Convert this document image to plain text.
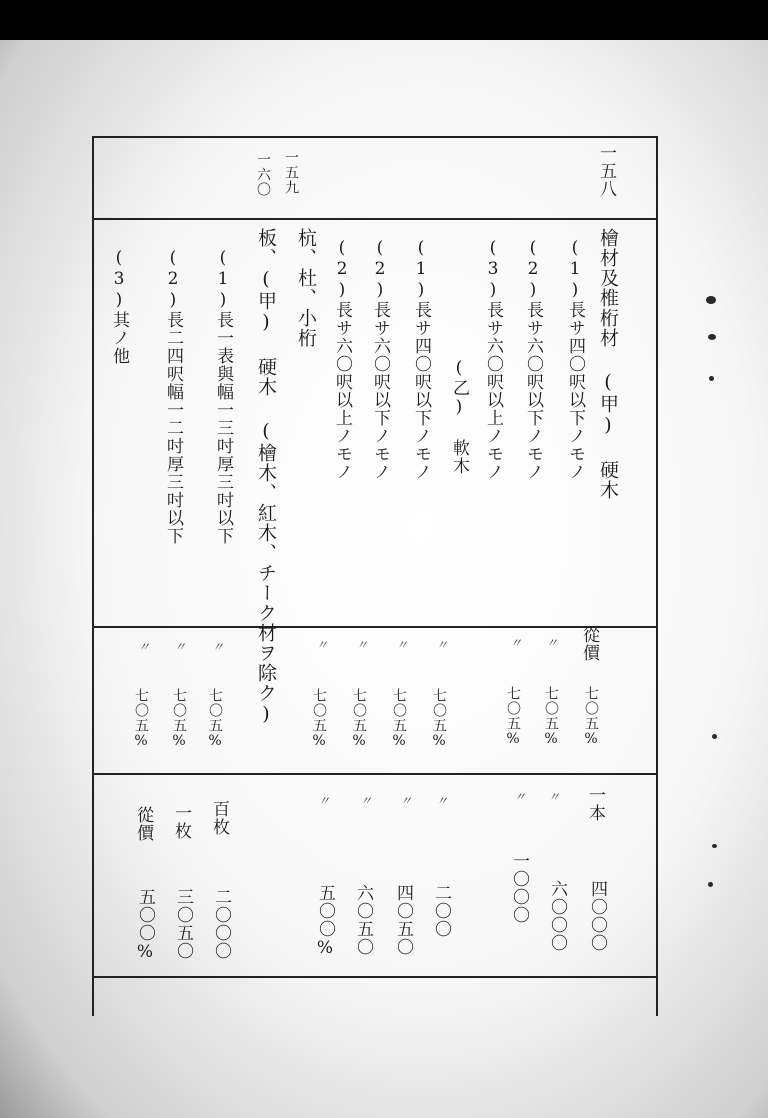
一五八
一五九
一六〇
檜材及椎桁材 (甲) 硬木
(1)長サ四〇呎以下ノモノ
(2)長サ六〇呎以下ノモノ
(3)長サ六〇呎以上ノモノ
(乙) 軟木
(1)長サ四〇呎以下ノモノ
(2)長サ六〇呎以下ノモノ
(2)長サ六〇呎以上ノモノ
杭、杜、小桁
板、(甲) 硬木 (檜木、紅木、チーク材ヲ除ク)
(1)長一表與幅一三吋厚三吋以下
(2)長二四呎幅一二吋厚三吋以下
(3)其ノ他
從價
七〇五%
七〇五%
七〇五%
七〇五%
七〇五%
七〇五%
七〇五%
七〇五%
七〇五%
七〇五%
〃
〃
〃
〃
〃
〃
〃
〃
〃
〃
〃
〃
〃
〃
〃	一本
百枚
一枚
從價
四〇〇〇
六〇〇〇
一〇〇〇
二〇〇
四〇五〇
六〇五〇
五〇〇%
二〇〇〇
三〇五〇
五〇〇%
